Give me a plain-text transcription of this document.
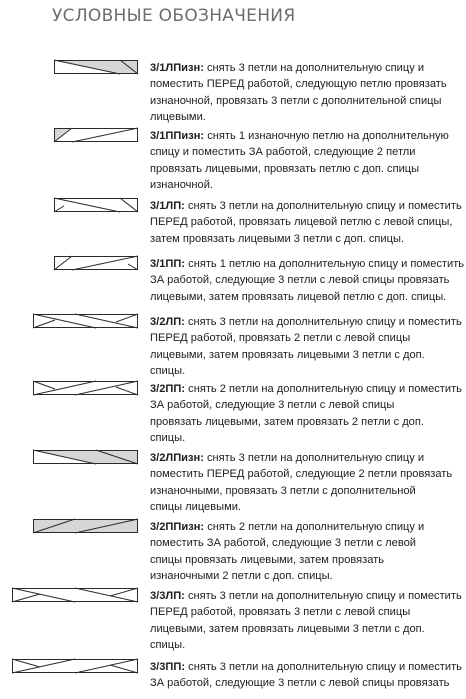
УСЛОВНЫЕ ОБОЗНАЧЕНИЯ

3/1ЛПизн: снять 3 петли на дополнительную спицу и
поместить ПЕРЕД работой, следующую петлю провязать
изнаночной, провязать 3 петли с дополнительной спицы
лицевыми.

3/1ППизн: снять 1 изнаночную петлю на дополнительную
спицу и поместить ЗА работой, следующие 2 петли
провязать лицевыми, провязать петлю с доп. спицы
изнаночной.

3/1ЛП: снять 3 петли на дополнительную спицу и поместить
ПЕРЕД работой, провязать лицевой петлю с левой спицы,
затем провязать лицевыми 3 петли с доп. спицы.

3/1ПП: снять 1 петлю на дополнительную спицу и поместить
ЗА работой, следующие 3 петли с левой спицы провязать
лицевыми, затем провязать лицевой петлю с доп. спицы.

3/2ЛП: снять 3 петли на дополнительную спицу и поместить
ПЕРЕД работой, провязать 2 петли с левой спицы
лицевыми, затем провязать лицевыми 3 петли с доп.
спицы.

3/2ПП: снять 2 петли на дополнительную спицу и поместить
ЗА работой, следующие 3 петли с левой спицы
провязать лицевыми, затем провязать 2 петли с доп.
спицы.

3/2ЛПизн: снять 3 петли на дополнительную спицу и
поместить ПЕРЕД работой, следующие 2 петли провязать
изнаночными, провязать 3 петли с дополнительной
спицы лицевыми.

3/2ППизн: снять 2 петли на дополнительную спицу и
поместить ЗА работой, следующие 3 петли с левой
спицы провязать лицевыми, затем провязать
изнаночными 2 петли с доп. спицы.

3/3ЛП: снять 3 петли на дополнительную спицу и поместить
ПЕРЕД работой, провязать 3 петли с левой спицы
лицевыми, затем провязать лицевыми 3 петли с доп.
спицы.

3/3ПП: снять 3 петли на дополнительную спицу и поместить
ЗА работой, следующие 3 петли с левой спицы провязать
